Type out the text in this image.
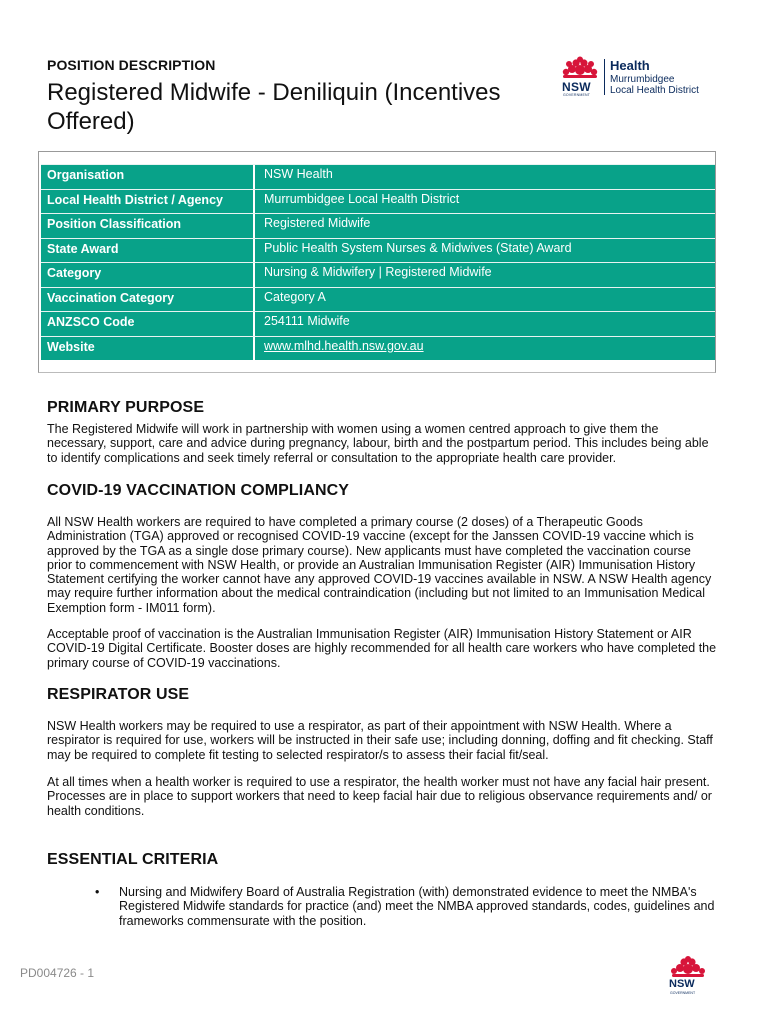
POSITION DESCRIPTION
Registered Midwife - Deniliquin (Incentives Offered)
NSW
GOVERNMENT
Health
Murrumbidgee
Local Health District
Organisation	NSW Health
Local Health District / Agency	Murrumbidgee Local Health District
Position Classification	Registered Midwife
State Award	Public Health System Nurses & Midwives (State) Award
Category	Nursing & Midwifery | Registered Midwife
Vaccination Category	Category A
ANZSCO Code	254111 Midwife
Website	www.mlhd.health.nsw.gov.au
PRIMARY PURPOSE

The Registered Midwife will work in partnership with women using a women centred approach to give them the necessary, support, care and advice during pregnancy, labour, birth and the postpartum period. This includes being able to identify complications and seek timely referral or consultation to the appropriate health care provider.

COVID-19 VACCINATION COMPLIANCY

All NSW Health workers are required to have completed a primary course (2 doses) of a Therapeutic Goods Administration (TGA) approved or recognised COVID-19 vaccine (except for the Janssen COVID-19 vaccine which is approved by the TGA as a single dose primary course). New applicants must have completed the vaccination course prior to commencement with NSW Health, or provide an Australian Immunisation Register (AIR) Immunisation History Statement certifying the worker cannot have any approved COVID-19 vaccines available in NSW. A NSW Health agency may require further information about the medical contraindication (including but not limited to an Immunisation Medical Exemption form - IM011 form).

Acceptable proof of vaccination is the Australian Immunisation Register (AIR) Immunisation History Statement or AIR COVID-19 Digital Certificate. Booster doses are highly recommended for all health care workers who have completed the primary course of COVID-19 vaccinations.

RESPIRATOR USE

NSW Health workers may be required to use a respirator, as part of their appointment with NSW Health. Where a respirator is required for use, workers will be instructed in their safe use; including donning, doffing and fit checking. Staff may be required to complete fit testing to selected respirator/s to assess their facial fit/seal.

At all times when a health worker is required to use a respirator, the health worker must not have any facial hair present. Processes are in place to support workers that need to keep facial hair due to religious observance requirements and/ or health conditions.

ESSENTIAL CRITERIA
• Nursing and Midwifery Board of Australia Registration (with) demonstrated evidence to meet the NMBA's Registered Midwife standards for practice (and) meet the NMBA approved standards, codes, guidelines and frameworks commensurate with the position.
PD004726 - 1
NSW
GOVERNMENT
